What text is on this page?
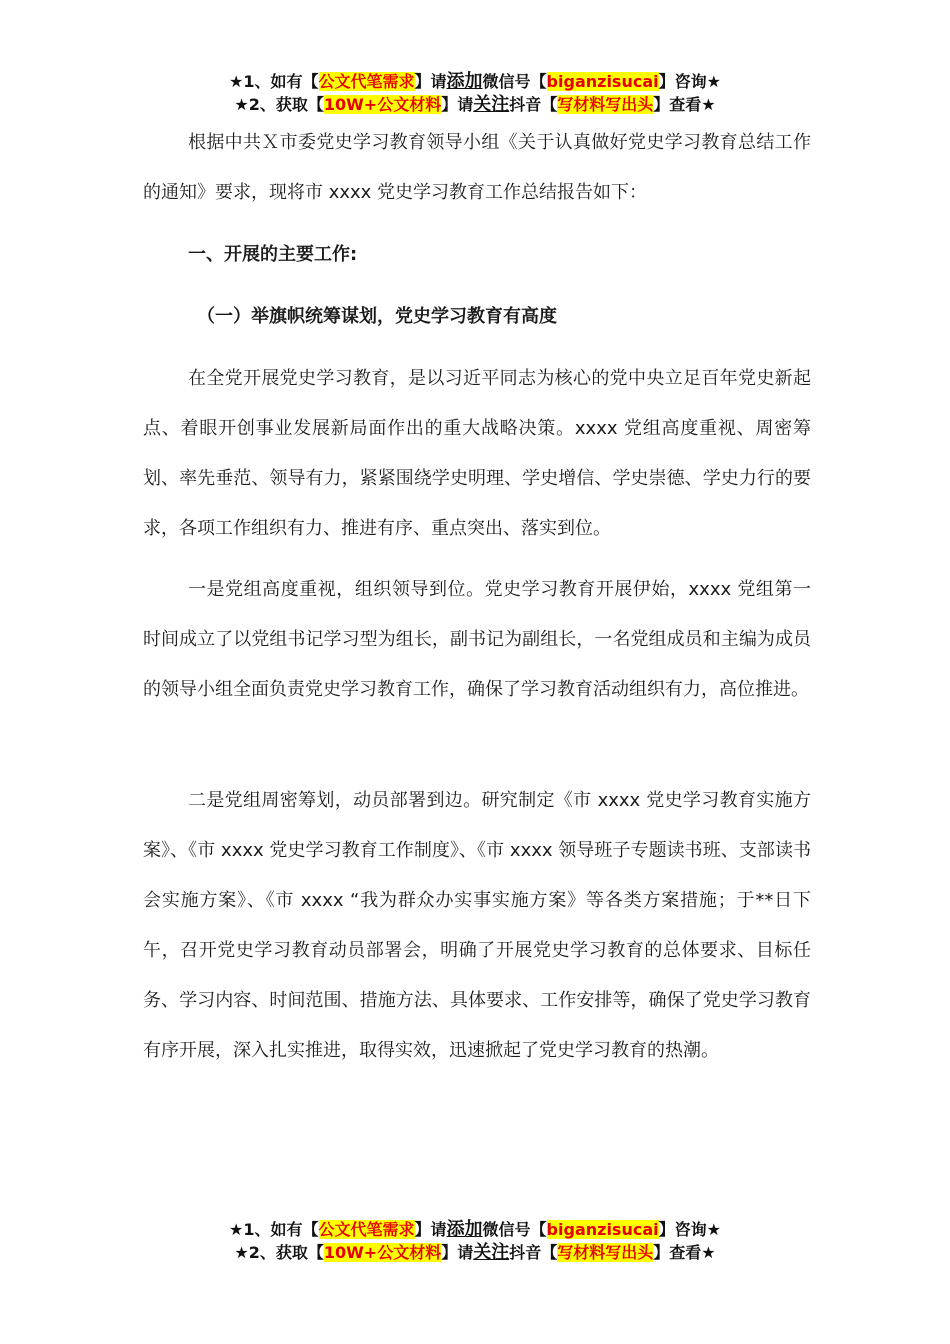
★1、如有【公文代笔需求】请添加微信号【biganzisucai】咨询★
★2、获取【10W+公文材料】请关注抖音【写材料写出头】查看★

根据中共Ｘ市委党史学习教育领导小组《关于认真做好党史学习教育总结工作的通知》要求，现将市 xxxx 党史学习教育工作总结报告如下：

一、开展的主要工作:

（一）举旗帜统筹谋划，党史学习教育有高度

在全党开展党史学习教育，是以习近平同志为核心的党中央立足百年党史新起点、着眼开创事业发展新局面作出的重大战略决策。xxxx 党组高度重视、周密筹划、率先垂范、领导有力，紧紧围绕学史明理、学史增信、学史崇德、学史力行的要求，各项工作组织有力、推进有序、重点突出、落实到位。

一是党组高度重视，组织领导到位。党史学习教育开展伊始，xxxx 党组第一时间成立了以党组书记学习型为组长，副书记为副组长，一名党组成员和主编为成员的领导小组全面负责党史学习教育工作，确保了学习教育活动组织有力，高位推进。

二是党组周密筹划，动员部署到边。研究制定《市 xxxx 党史学习教育实施方案》、《市 xxxx 党史学习教育工作制度》、《市 xxxx 领导班子专题读书班、支部读书会实施方案》、《市 xxxx “我为群众办实事实施方案》等各类方案措施；于**日下午，召开党史学习教育动员部署会，明确了开展党史学习教育的总体要求、目标任务、学习内容、时间范围、措施方法、具体要求、工作安排等，确保了党史学习教育有序开展，深入扎实推进，取得实效，迅速掀起了党史学习教育的热潮。

★1、如有【公文代笔需求】请添加微信号【biganzisucai】咨询★
★2、获取【10W+公文材料】请关注抖音【写材料写出头】查看★
